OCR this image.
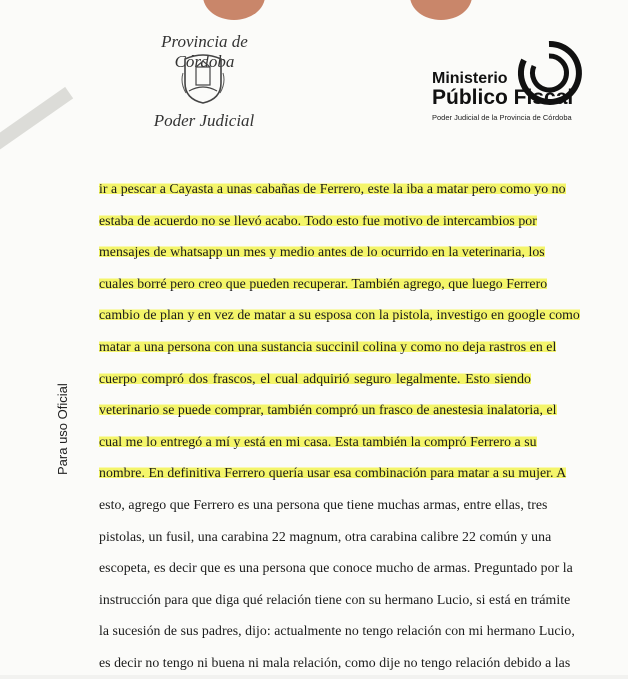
Provincia de Córdoba
Poder Judicial
Ministerio
Público Fiscal
Poder Judicial de la Provincia de Córdoba
Para uso Oficial
ir a pescar a Cayasta a unas cabañas de Ferrero, este la iba a matar pero como yo no
estaba de acuerdo no se llevó acabo. Todo esto fue motivo de intercambios por
mensajes de whatsapp un mes y medio antes de lo ocurrido en la veterinaria, los
cuales borré pero creo que pueden recuperar. También agrego, que luego Ferrero
cambio de plan y en vez de matar a su esposa con la pistola, investigo en google como
matar a una persona con una sustancia succinil colina y como no deja rastros en el
cuerpo compró dos frascos, el cual adquirió seguro legalmente. Esto siendo
veterinario se puede comprar, también compró un frasco de anestesia inalatoria, el
cual me lo entregó a mí y está en mi casa. Esta también la compró Ferrero a su
nombre. En definitiva Ferrero quería usar esa combinación para matar a su mujer. A
esto, agrego que Ferrero es una persona que tiene muchas armas, entre ellas, tres
pistolas, un fusil, una carabina 22 magnum, otra carabina calibre 22 común y una
escopeta, es decir que es una persona que conoce mucho de armas. Preguntado por la
instrucción para que diga qué relación tiene con su hermano Lucio, si está en trámite
la sucesión de sus padres, dijo: actualmente no tengo relación con mi hermano Lucio,
es decir no tengo ni buena ni mala relación, como dije no tengo relación debido a las
